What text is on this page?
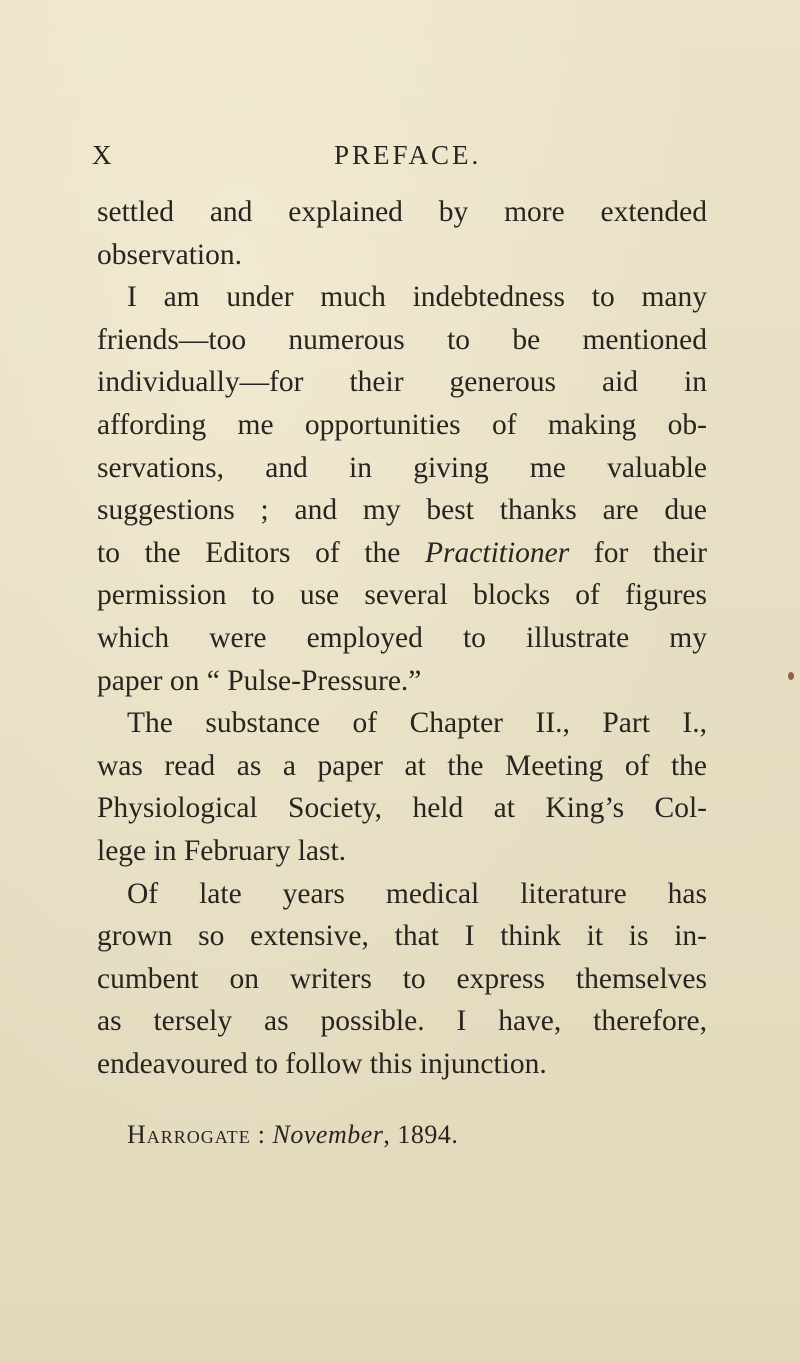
X	PREFACE.
settled and explained by more extended
observation.
I am under much indebtedness to many
friends—too numerous to be mentioned
individually—for their generous aid in
affording me opportunities of making ob-
servations, and in giving me valuable
suggestions ; and my best thanks are due
to the Editors of the Practitioner for their
permission to use several blocks of figures
which were employed to illustrate my
paper on “ Pulse-Pressure.”
The substance of Chapter II., Part I.,
was read as a paper at the Meeting of the
Physiological Society, held at King’s Col-
lege in February last.
Of late years medical literature has
grown so extensive, that I think it is in-
cumbent on writers to express themselves
as tersely as possible. I have, therefore,
endeavoured to follow this injunction.
Harrogate : November, 1894.
